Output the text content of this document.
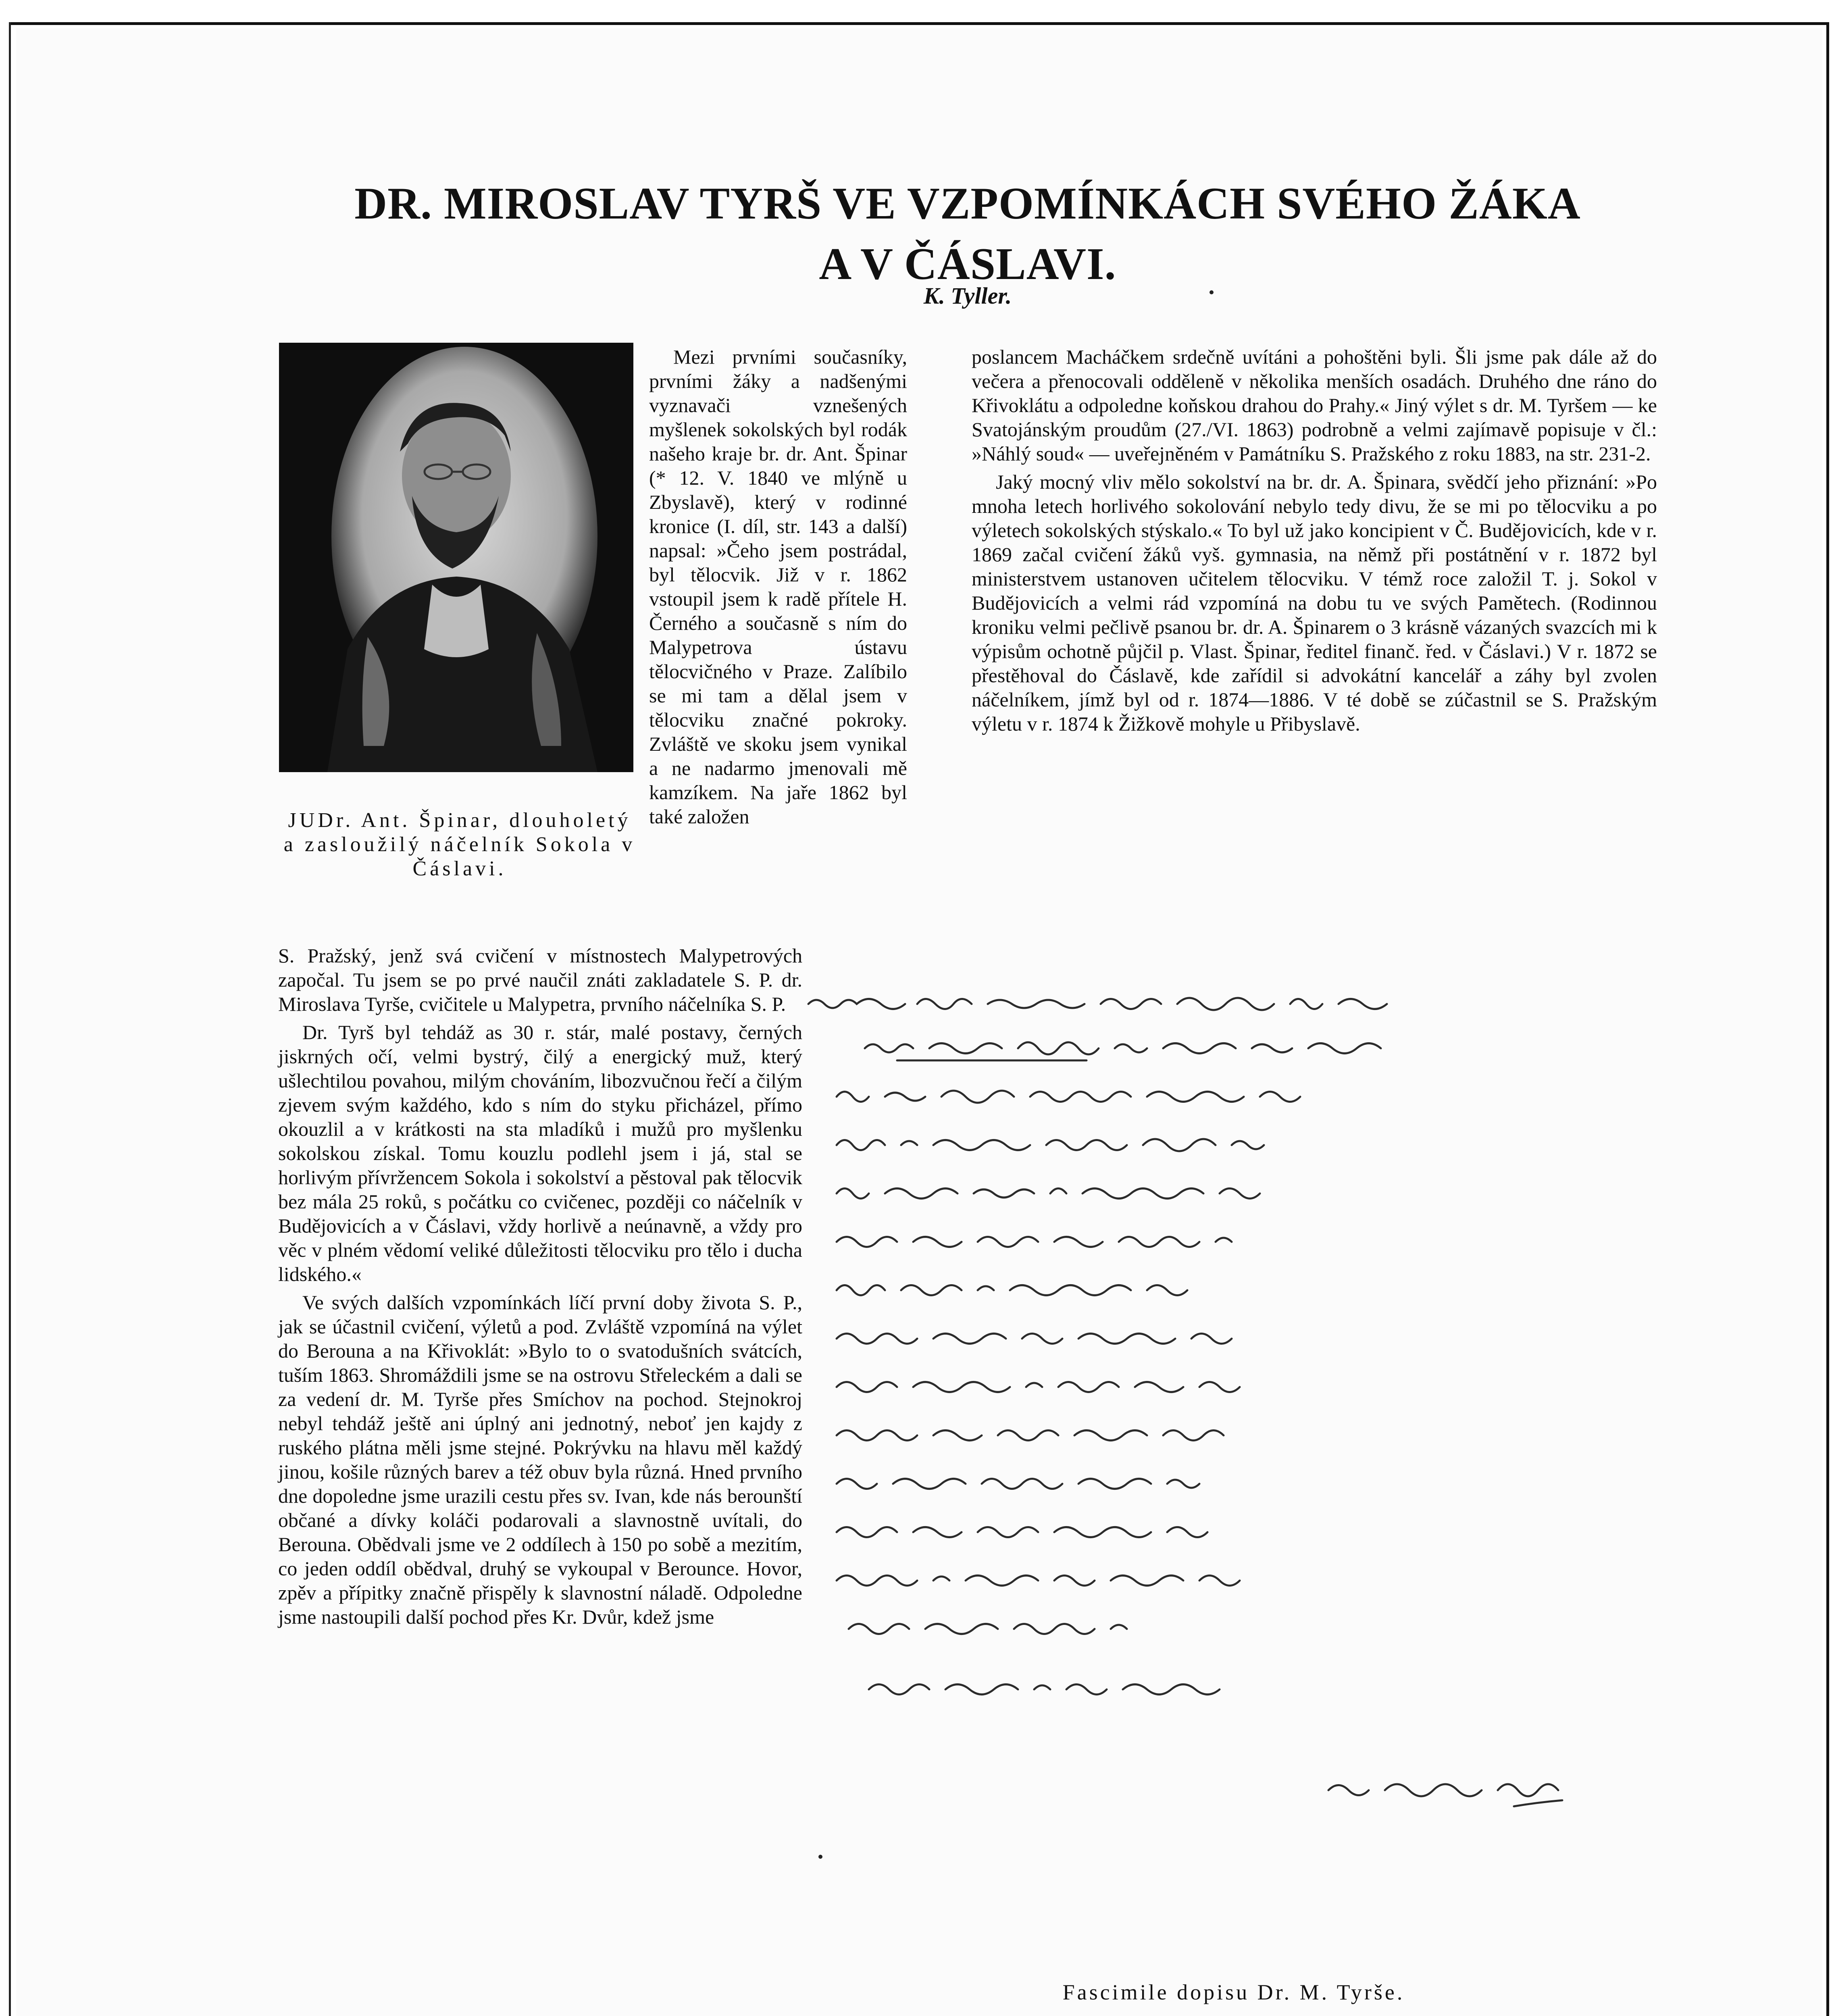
DR. MIROSLAV TYRŠ VE VZPOMÍNKÁCH SVÉHO ŽÁKA
A V ČÁSLAVI.
K. Tyller.
JUDr. Ant. Špinar, dlouholetý a zasloužilý náčelník Sokola v Čáslavi.

Mezi prvními současníky, prvními žáky a nadšenými vyznavači vznešených myšlenek sokolských byl rodák našeho kraje br. dr. Ant. Špinar (* 12. V. 1840 ve mlýně u Zbyslavě), který v rodinné kronice (I. díl, str. 143 a další) napsal: »Čeho jsem postrádal, byl tělocvik. Již v r. 1862 vstoupil jsem k radě přítele H. Černého a současně s ním do Malypetrova ústavu tělocvičného v Praze. Zalíbilo se mi tam a dělal jsem v tělocviku značné pokroky. Zvláště ve skoku jsem vynikal a ne nadarmo jmenovali mě kamzíkem. Na jaře 1862 byl také založen

poslancem Macháčkem srdečně uvítáni a pohoštěni byli. Šli jsme pak dále až do večera a přenocovali odděleně v několika menších osadách. Druhého dne ráno do Křivoklátu a odpoledne koňskou drahou do Prahy.« Jiný výlet s dr. M. Tyršem — ke Svatojánským proudům (27./VI. 1863) podrobně a velmi zajímavě popisuje v čl.: »Náhlý soud« — uveřejněném v Památníku S. Pražského z roku 1883, na str. 231-2.

Jaký mocný vliv mělo sokolství na br. dr. A. Špinara, svědčí jeho přiznání: »Po mnoha letech horlivého sokolování nebylo tedy divu, že se mi po tělocviku a po výletech sokolských stýskalo.« To byl už jako koncipient v Č. Budějovicích, kde v r. 1869 začal cvičení žáků vyš. gymnasia, na němž při postátnění v r. 1872 byl ministerstvem ustanoven učitelem tělocviku. V témž roce založil T. j. Sokol v Budějovicích a velmi rád vzpomíná na dobu tu ve svých Pamětech. (Rodinnou kroniku velmi pečlivě psanou br. dr. A. Špinarem o 3 krásně vázaných svazcích mi k výpisům ochotně půjčil p. Vlast. Špinar, ředitel finanč. řed. v Čáslavi.) V r. 1872 se přestěhoval do Čáslavě, kde zařídil si advokátní kancelář a záhy byl zvolen náčelníkem, jímž byl od r. 1874—1886. V té době se zúčastnil se S. Pražským výletu v r. 1874 k Žižkově mohyle u Přibyslavě.

S. Pražský, jenž svá cvičení v místnostech Malypetrových započal. Tu jsem se po prvé naučil znáti zakladatele S. P. dr. Miroslava Tyrše, cvičitele u Malypetra, prvního náčelníka S. P.

Dr. Tyrš byl tehdáž as 30 r. stár, malé postavy, černých jiskrných očí, velmi bystrý, čilý a energický muž, který ušlechtilou povahou, milým chováním, libozvučnou řečí a čilým zjevem svým každého, kdo s ním do styku přicházel, přímo okouzlil a v krátkosti na sta mladíků i mužů pro myšlenku sokolskou získal. Tomu kouzlu podlehl jsem i já, stal se horlivým přívržencem Sokola i sokolství a pěstoval pak tělocvik bez mála 25 roků, s počátku co cvičenec, později co náčelník v Budějovicích a v Čáslavi, vždy horlivě a neúnavně, a vždy pro věc v plném vědomí veliké důležitosti tělocviku pro tělo i ducha lidského.«

Ve svých dalších vzpomínkách líčí první doby života S. P., jak se účastnil cvičení, výletů a pod. Zvláště vzpomíná na výlet do Berouna a na Křivoklát: »Bylo to o svatodušních svátcích, tuším 1863. Shromáždili jsme se na ostrovu Střeleckém a dali se za vedení dr. M. Tyrše přes Smíchov na pochod. Stejnokroj nebyl tehdáž ještě ani úplný ani jednotný, neboť jen kajdy z ruského plátna měli jsme stejné. Pokrývku na hlavu měl každý jinou, košile různých barev a též obuv byla různá. Hned prvního dne dopoledne jsme urazili cestu přes sv. Ivan, kde nás berounští občané a dívky koláči podarovali a slavnostně uvítali, do Berouna. Obědvali jsme ve 2 oddílech à 150 po sobě a mezitím, co jeden oddíl obědval, druhý se vykoupal v Berounce. Hovor, zpěv a přípitky značně přispěly k slavnostní náladě. Odpoledne jsme nastoupili další pochod přes Kr. Dvůr, kdež jsme

Fascimile dopisu Dr. M. Tyrše.
